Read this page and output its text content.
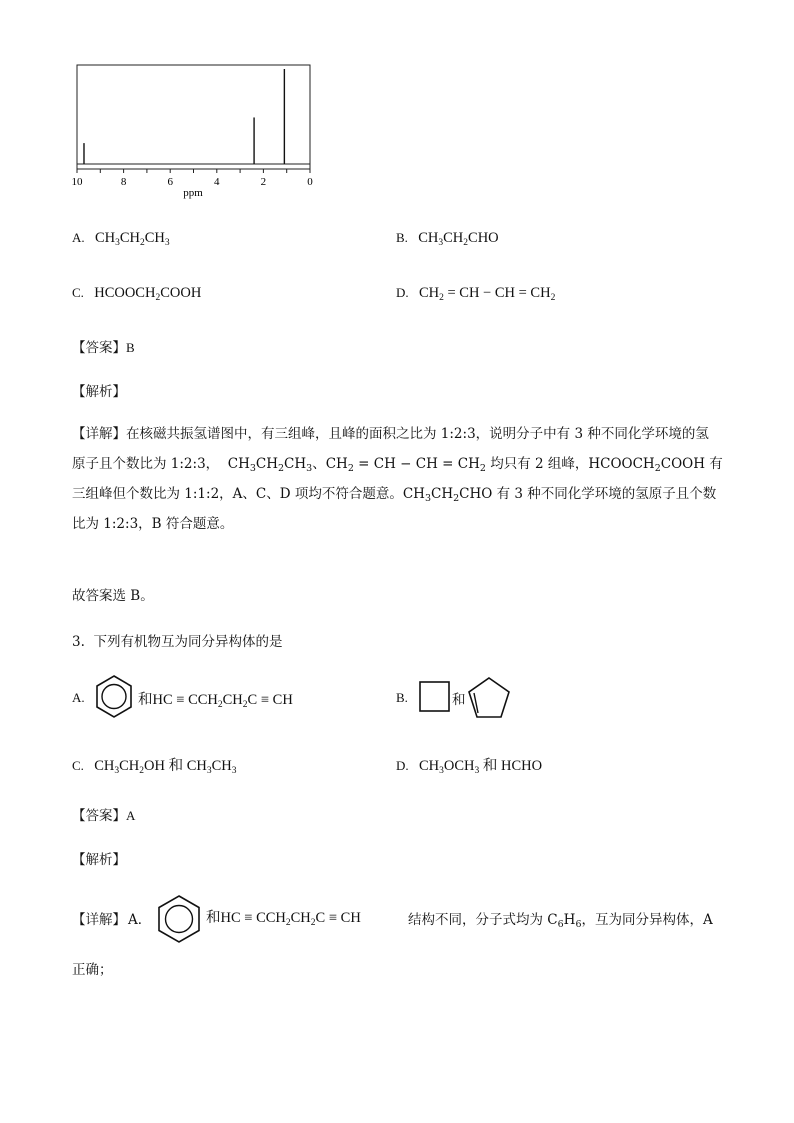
10	8	6	4	2	0
ppm
A. $CH_3CH_2CH_3$	B. $CH_3CH_2CHO$
C. $HCOOCH_2COOH$	D. $CH_2$ = CH − CH = $CH_2$
【答案】B
【解析】
【详解】在核磁共振氢谱图中，有三组峰，且峰的面积之比为 1:2:3，说明分子中有 3 种不同化学环境的氢
原子且个数比为 1:2:3，  $CH_3CH_2CH_3$、$CH_2$ = CH − CH = $CH_2$ 均只有 2 组峰，$HCOOCH_2COOH$ 有
三组峰但个数比为 1:1:2，A、C、D 项均不符合题意。$CH_3CH_2CHO$ 有 3 种不同化学环境的氢原子且个数
比为 1:2:3，B 符合题意。
故答案选 B。
3.  下列有机物互为同分异构体的是
A.	和HC ≡ $CCH_2CH_2C$ ≡ CH	B.	和
C. $CH_3CH_2OH$ 和 $CH_3CH_3$	D. $CH_3OCH_3$ 和 HCHO
【答案】A
【解析】
【详解】 A．	和HC ≡ $CCH_2CH_2C$ ≡ CH	结构不同，分子式均为 $C_6H_6$，互为同分异构体，A
正确；
